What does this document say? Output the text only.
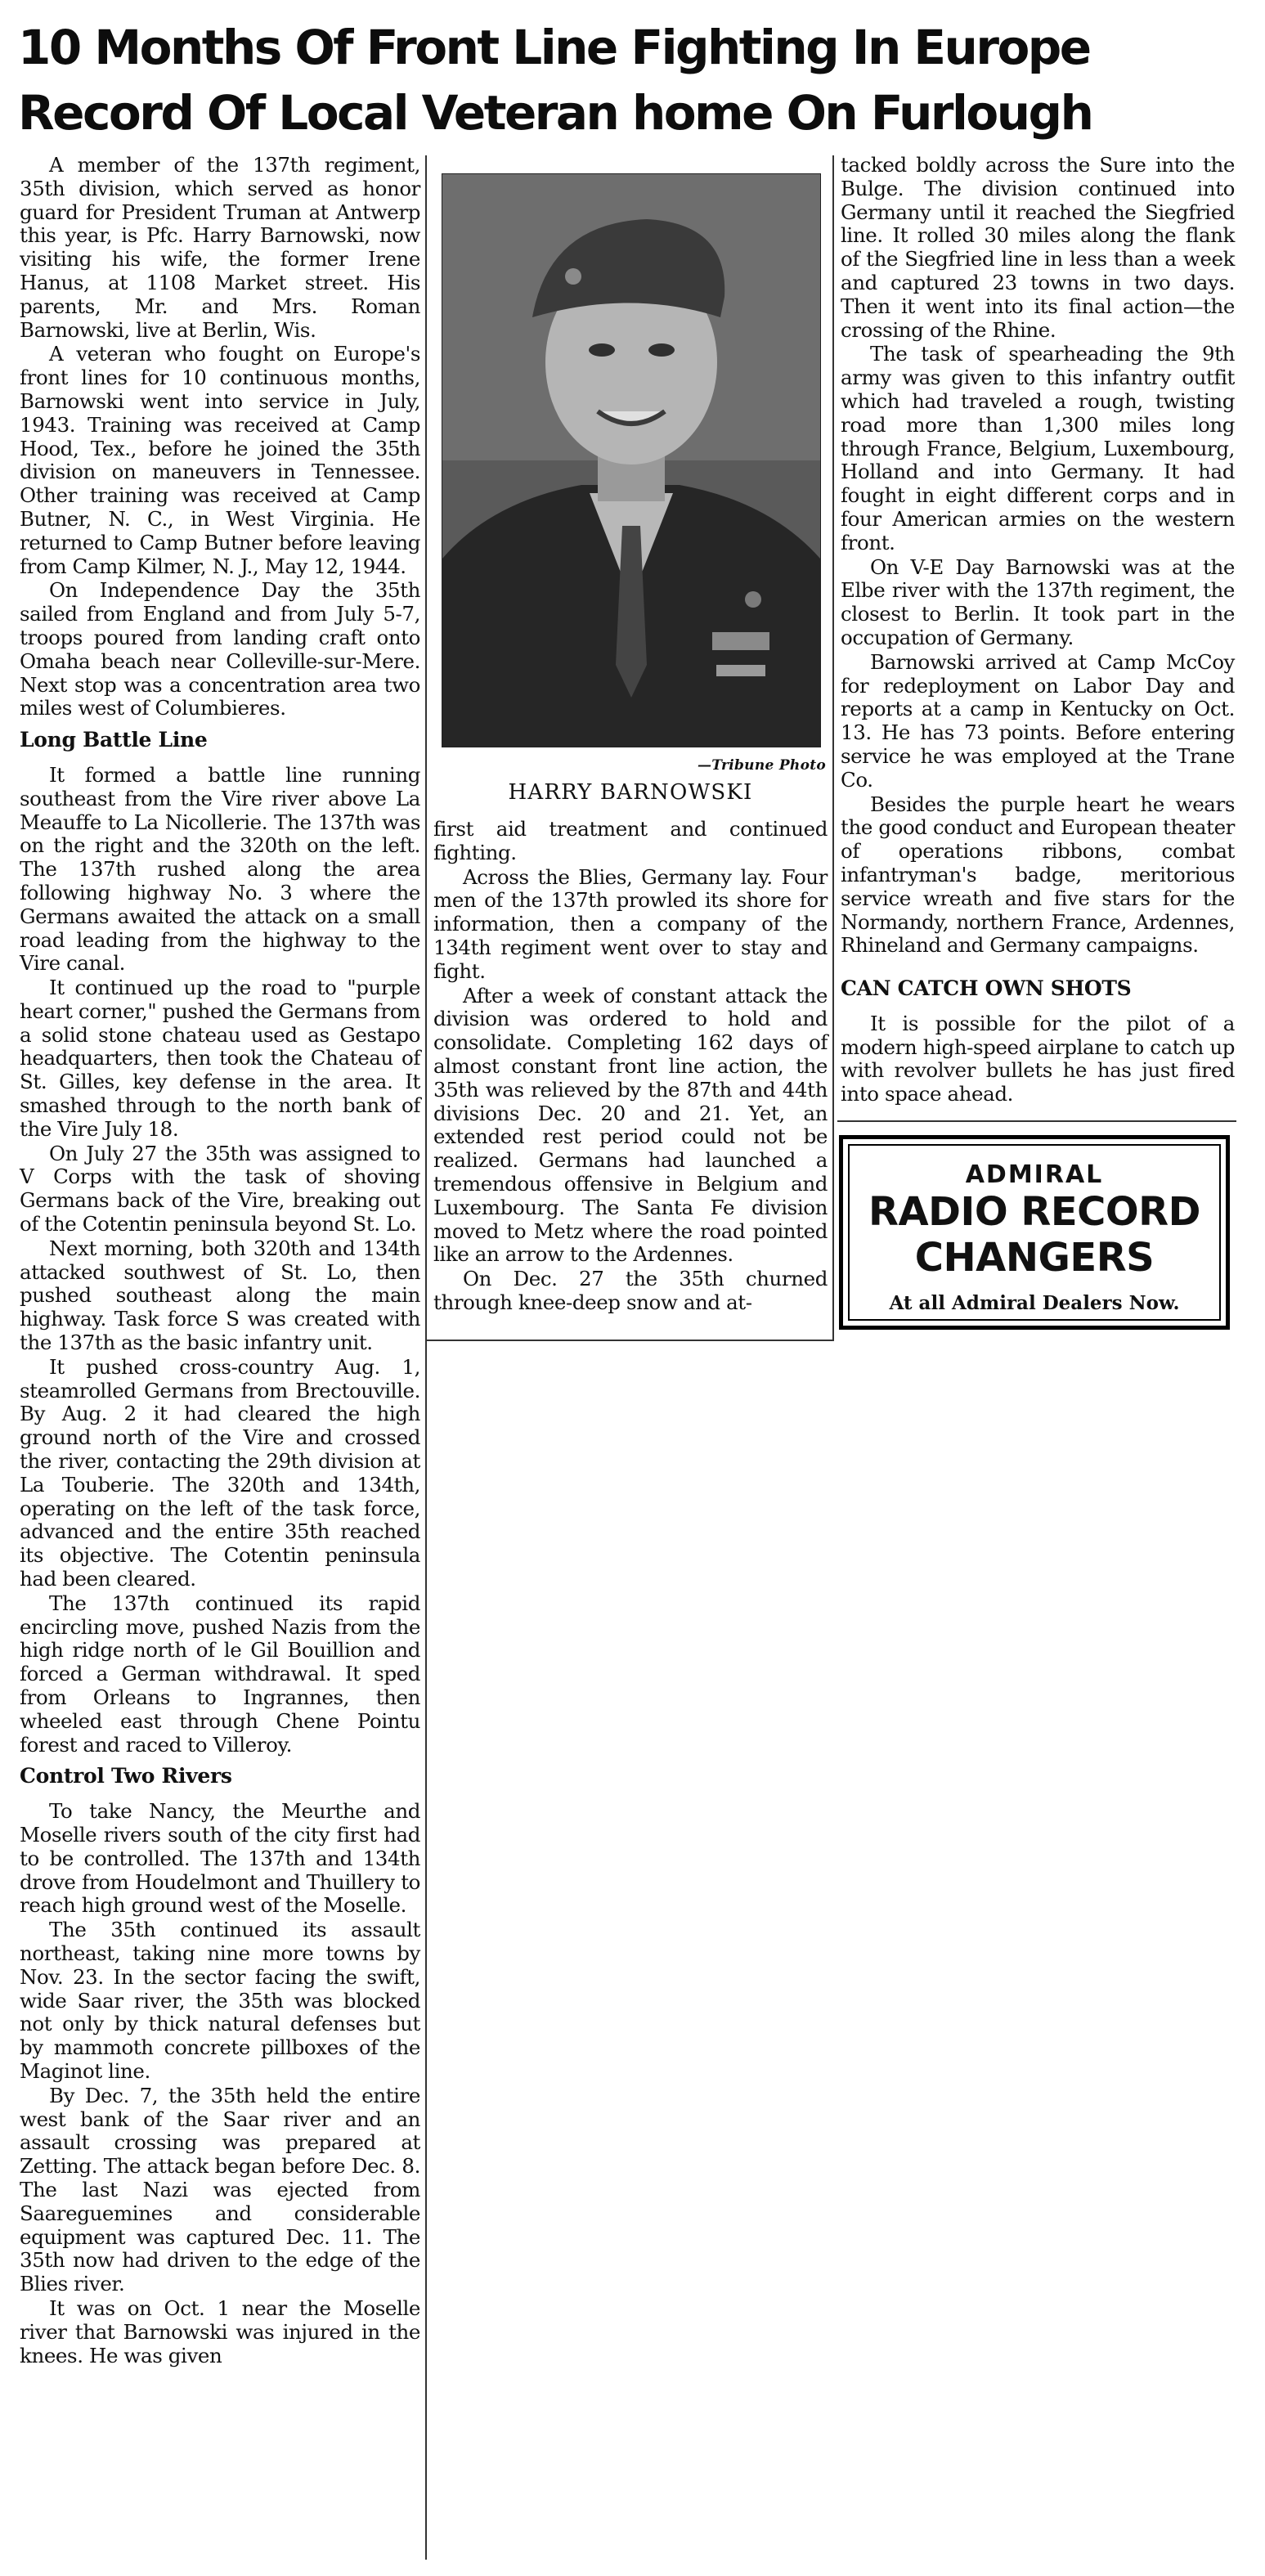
10 Months Of Front Line Fighting In Europe
Record Of Local Veteran home On Furlough

A member of the 137th regiment, 35th division, which served as honor guard for President Truman at Antwerp this year, is Pfc. Harry Barnowski, now visiting his wife, the former Irene Hanus, at 1108 Market street. His parents, Mr. and Mrs. Roman Barnowski, live at Berlin, Wis.

A veteran who fought on Europe's front lines for 10 continuous months, Barnowski went into service in July, 1943. Training was received at Camp Hood, Tex., before he joined the 35th division on maneuvers in Tennessee. Other training was received at Camp Butner, N. C., in West Virginia. He returned to Camp Butner before leaving from Camp Kilmer, N. J., May 12, 1944.

On Independence Day the 35th sailed from England and from July 5-7, troops poured from landing craft onto Omaha beach near Colleville-sur-Mere. Next stop was a concentration area two miles west of Columbieres.

Long Battle Line

It formed a battle line running southeast from the Vire river above La Meauffe to La Nicollerie. The 137th was on the right and the 320th on the left. The 137th rushed along the area following highway No. 3 where the Germans awaited the attack on a small road leading from the highway to the Vire canal.

It continued up the road to "purple heart corner," pushed the Germans from a solid stone chateau used as Gestapo headquarters, then took the Chateau of St. Gilles, key defense in the area. It smashed through to the north bank of the Vire July 18.

On July 27 the 35th was assigned to V Corps with the task of shoving Germans back of the Vire, breaking out of the Cotentin peninsula beyond St. Lo.

Next morning, both 320th and 134th attacked southwest of St. Lo, then pushed southeast along the main highway. Task force S was created with the 137th as the basic infantry unit.

It pushed cross-country Aug. 1, steamrolled Germans from Brectouville. By Aug. 2 it had cleared the high ground north of the Vire and crossed the river, contacting the 29th division at La Touberie. The 320th and 134th, operating on the left of the task force, advanced and the entire 35th reached its objective. The Cotentin peninsula had been cleared.

The 137th continued its rapid encircling move, pushed Nazis from the high ridge north of le Gil Bouillion and forced a German withdrawal. It sped from Orleans to Ingrannes, then wheeled east through Chene Pointu forest and raced to Villeroy.

Control Two Rivers

To take Nancy, the Meurthe and Moselle rivers south of the city first had to be controlled. The 137th and 134th drove from Houdelmont and Thuillery to reach high ground west of the Moselle.

The 35th continued its assault northeast, taking nine more towns by Nov. 23. In the sector facing the swift, wide Saar river, the 35th was blocked not only by thick natural defenses but by mammoth concrete pillboxes of the Maginot line.

By Dec. 7, the 35th held the entire west bank of the Saar river and an assault crossing was prepared at Zetting. The attack began before Dec. 8. The last Nazi was ejected from Saareguemines and considerable equipment was captured Dec. 11. The 35th now had driven to the edge of the Blies river.

It was on Oct. 1 near the Moselle river that Barnowski was injured in the knees. He was given

—Tribune Photo
HARRY BARNOWSKI

first aid treatment and continued fighting.

Across the Blies, Germany lay. Four men of the 137th prowled its shore for information, then a company of the 134th regiment went over to stay and fight.

After a week of constant attack the division was ordered to hold and consolidate. Completing 162 days of almost constant front line action, the 35th was relieved by the 87th and 44th divisions Dec. 20 and 21. Yet, an extended rest period could not be realized. Germans had launched a tremendous offensive in Belgium and Luxembourg. The Santa Fe division moved to Metz where the road pointed like an arrow to the Ardennes.

On Dec. 27 the 35th churned through knee-deep snow and at-

tacked boldly across the Sure into the Bulge. The division continued into Germany until it reached the Siegfried line. It rolled 30 miles along the flank of the Siegfried line in less than a week and captured 23 towns in two days. Then it went into its final action—the crossing of the Rhine.

The task of spearheading the 9th army was given to this infantry outfit which had traveled a rough, twisting road more than 1,300 miles long through France, Belgium, Luxembourg, Holland and into Germany. It had fought in eight different corps and in four American armies on the western front.

On V-E Day Barnowski was at the Elbe river with the 137th regiment, the closest to Berlin. It took part in the occupation of Germany.

Barnowski arrived at Camp McCoy for redeployment on Labor Day and reports at a camp in Kentucky on Oct. 13. He has 73 points. Before entering service he was employed at the Trane Co.

Besides the purple heart he wears the good conduct and European theater of operations ribbons, combat infantryman's badge, meritorious service wreath and five stars for the Normandy, northern France, Ardennes, Rhineland and Germany campaigns.

CAN CATCH OWN SHOTS

It is possible for the pilot of a modern high-speed airplane to catch up with revolver bullets he has just fired into space ahead.

ADMIRAL
RADIO RECORD
CHANGERS
At all Admiral Dealers Now.
